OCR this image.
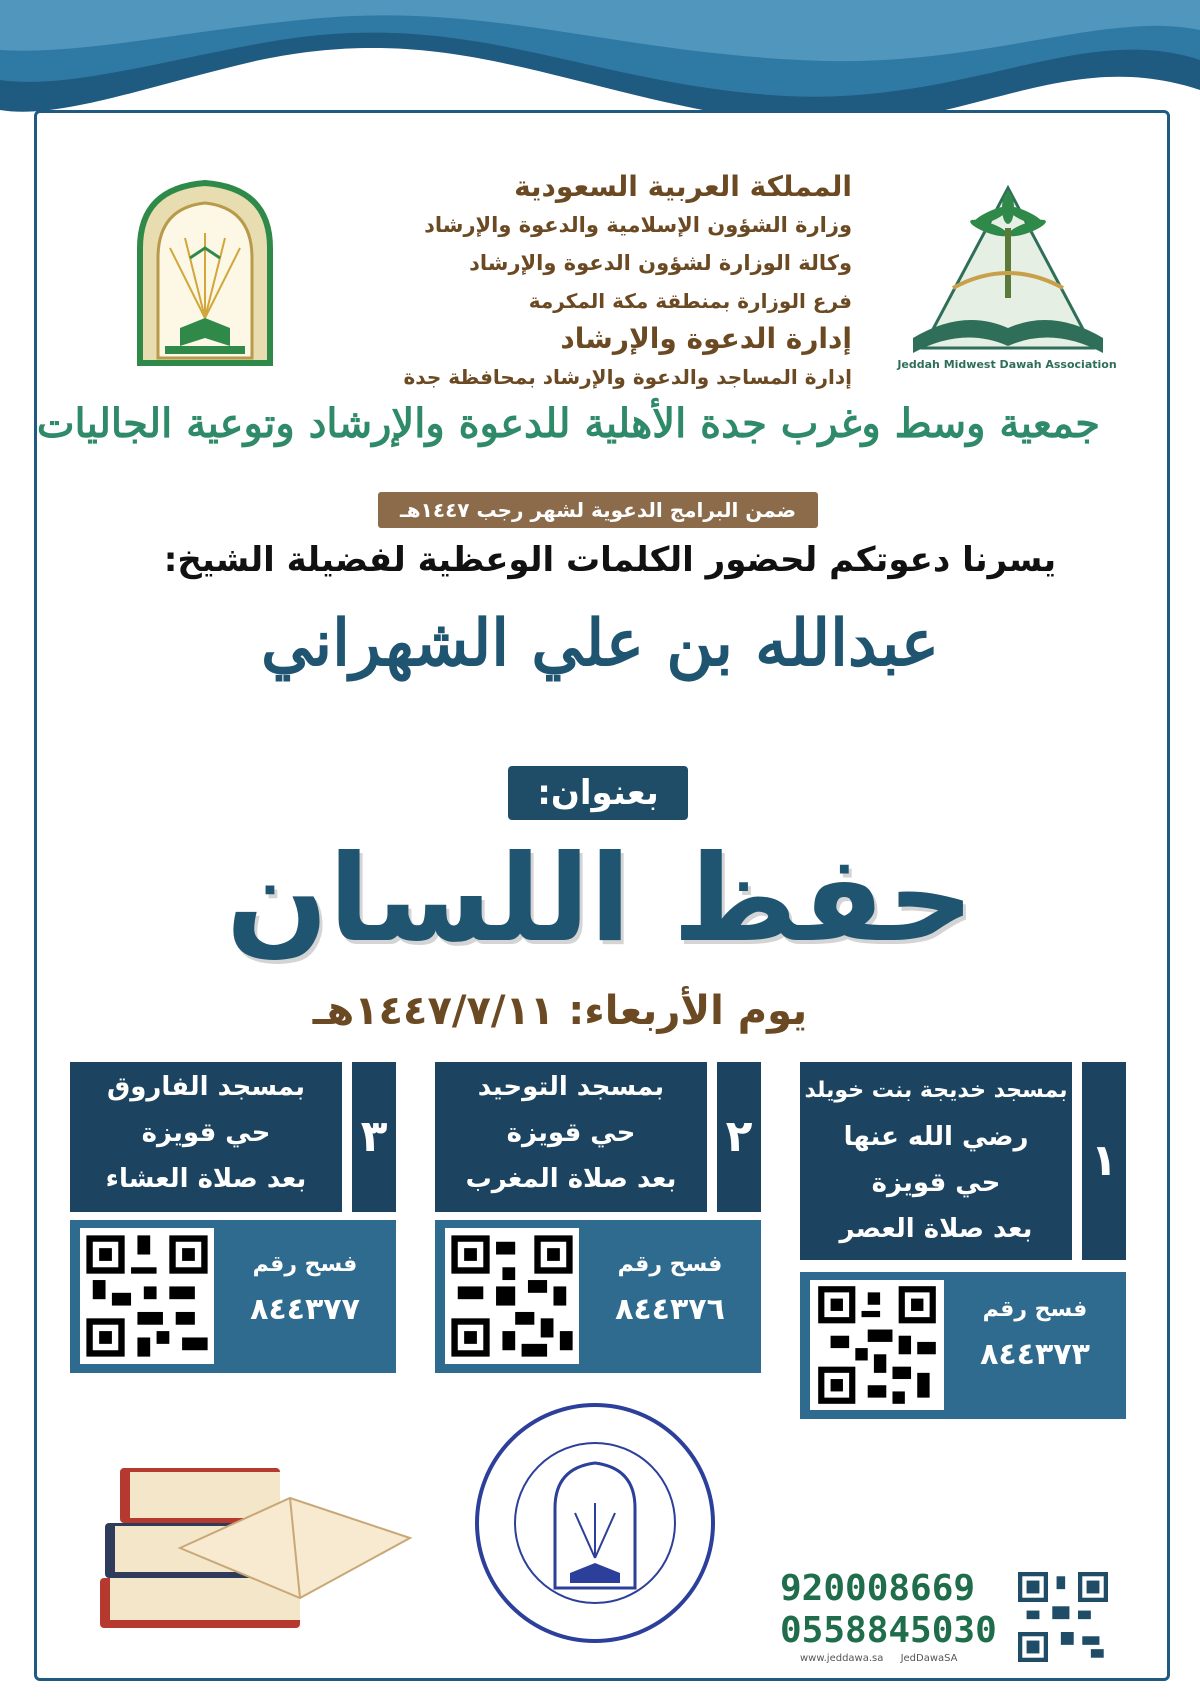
Jeddah Midwest Dawah Association
المملكة العربية السعودية
وزارة الشؤون الإسلامية والدعوة والإرشاد
وكالة الوزارة لشؤون الدعوة والإرشاد
فرع الوزارة بمنطقة مكة المكرمة
إدارة الدعوة والإرشاد
إدارة المساجد والدعوة والإرشاد بمحافظة جدة
جمعية وسط وغرب جدة الأهلية للدعوة والإرشاد وتوعية الجاليات
ضمن البرامج الدعوية لشهر رجب ١٤٤٧هـ
يسرنا دعوتكم لحضور الكلمات الوعظية لفضيلة الشيخ:
عبدالله بن علي الشهراني
بعنوان:
حفظ اللسان
يوم الأربعاء: ١٤٤٧/٧/١١هـ
بمسجد خديجة بنت خويلد
رضي الله عنها
حي قويزة
بعد صلاة العصر
١
فسح رقم
٨٤٤٣٧٣
بمسجد التوحيد
حي قويزة
بعد صلاة المغرب
٢
فسح رقم
٨٤٤٣٧٦
بمسجد الفاروق
حي قويزة
بعد صلاة العشاء
٣
فسح رقم
٨٤٤٣٧٧
920008669
0558845030
www.jeddawa.sa JedDawaSA
